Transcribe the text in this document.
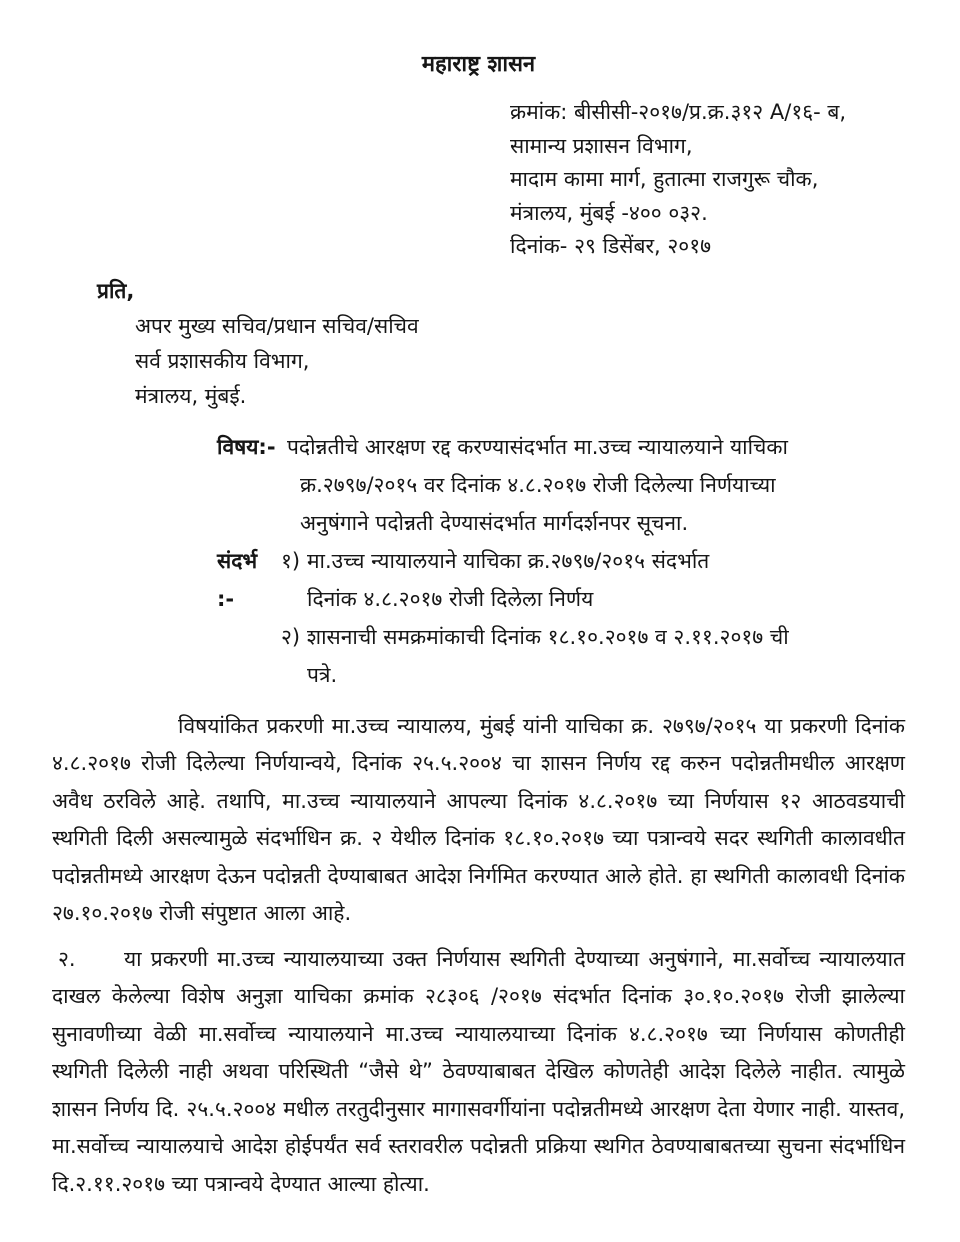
महाराष्ट्र शासन
क्रमांक: बीसीसी-२०१७/प्र.क्र.३१२ A/१६- ब,
सामान्य प्रशासन विभाग,
मादाम कामा मार्ग, हुतात्मा राजगुरू चौक,
मंत्रालय, मुंबई -४०० ०३२.
दिनांक- २९ डिसेंबर, २०१७
प्रति,
अपर मुख्य सचिव/प्रधान सचिव/सचिव
सर्व प्रशासकीय विभाग,
मंत्रालय, मुंबई.
विषय:- पदोन्नतीचे आरक्षण रद्द करण्यासंदर्भात मा.उच्च न्यायालयाने याचिका
क्र.२७९७/२०१५ वर दिनांक ४.८.२०१७ रोजी दिलेल्या निर्णयाच्या
अनुषंगाने पदोन्नती देण्यासंदर्भात मार्गदर्शनपर सूचना.
संदर्भ :-
१) मा.उच्च न्यायालयाने याचिका क्र.२७९७/२०१५ संदर्भात
दिनांक ४.८.२०१७ रोजी दिलेला निर्णय
२) शासनाची समक्रमांकाची दिनांक १८.१०.२०१७ व २.११.२०१७ ची
पत्रे.

विषयांकित प्रकरणी मा.उच्च न्यायालय, मुंबई यांनी याचिका क्र. २७९७/२०१५ या प्रकरणी दिनांक ४.८.२०१७ रोजी दिलेल्या निर्णयान्वये, दिनांक २५.५.२००४ चा शासन निर्णय रद्द करुन पदोन्नतीमधील आरक्षण अवैध ठरविले आहे. तथापि, मा.उच्च न्यायालयाने आपल्या दिनांक ४.८.२०१७ च्या निर्णयास १२ आठवडयाची स्थगिती दिली असल्यामुळे संदर्भाधिन क्र. २ येथील दिनांक १८.१०.२०१७ च्या पत्रान्वये सदर स्थगिती कालावधीत पदोन्नतीमध्ये आरक्षण देऊन पदोन्नती देण्याबाबत आदेश निर्गमित करण्यात आले होते. हा स्थगिती कालावधी दिनांक २७.१०.२०१७ रोजी संपुष्टात आला आहे.

२. या प्रकरणी मा.उच्च न्यायालयाच्या उक्त निर्णयास स्थगिती देण्याच्या अनुषंगाने, मा.सर्वोच्च न्यायालयात दाखल केलेल्या विशेष अनुज्ञा याचिका क्रमांक २८३०६ /२०१७ संदर्भात दिनांक ३०.१०.२०१७ रोजी झालेल्या सुनावणीच्या वेळी मा.सर्वोच्च न्यायालयाने मा.उच्च न्यायालयाच्या दिनांक ४.८.२०१७ च्या निर्णयास कोणतीही स्थगिती दिलेली नाही अथवा परिस्थिती “जैसे थे” ठेवण्याबाबत देखिल कोणतेही आदेश दिलेले नाहीत. त्यामुळे शासन निर्णय दि. २५.५.२००४ मधील तरतुदीनुसार मागासवर्गीयांना पदोन्नतीमध्ये आरक्षण देता येणार नाही. यास्तव, मा.सर्वोच्च न्यायालयाचे आदेश होईपर्यंत सर्व स्तरावरील पदोन्नती प्रक्रिया स्थगित ठेवण्याबाबतच्या सुचना संदर्भाधिन दि.२.११.२०१७ च्या पत्रान्वये देण्यात आल्या होत्या.
